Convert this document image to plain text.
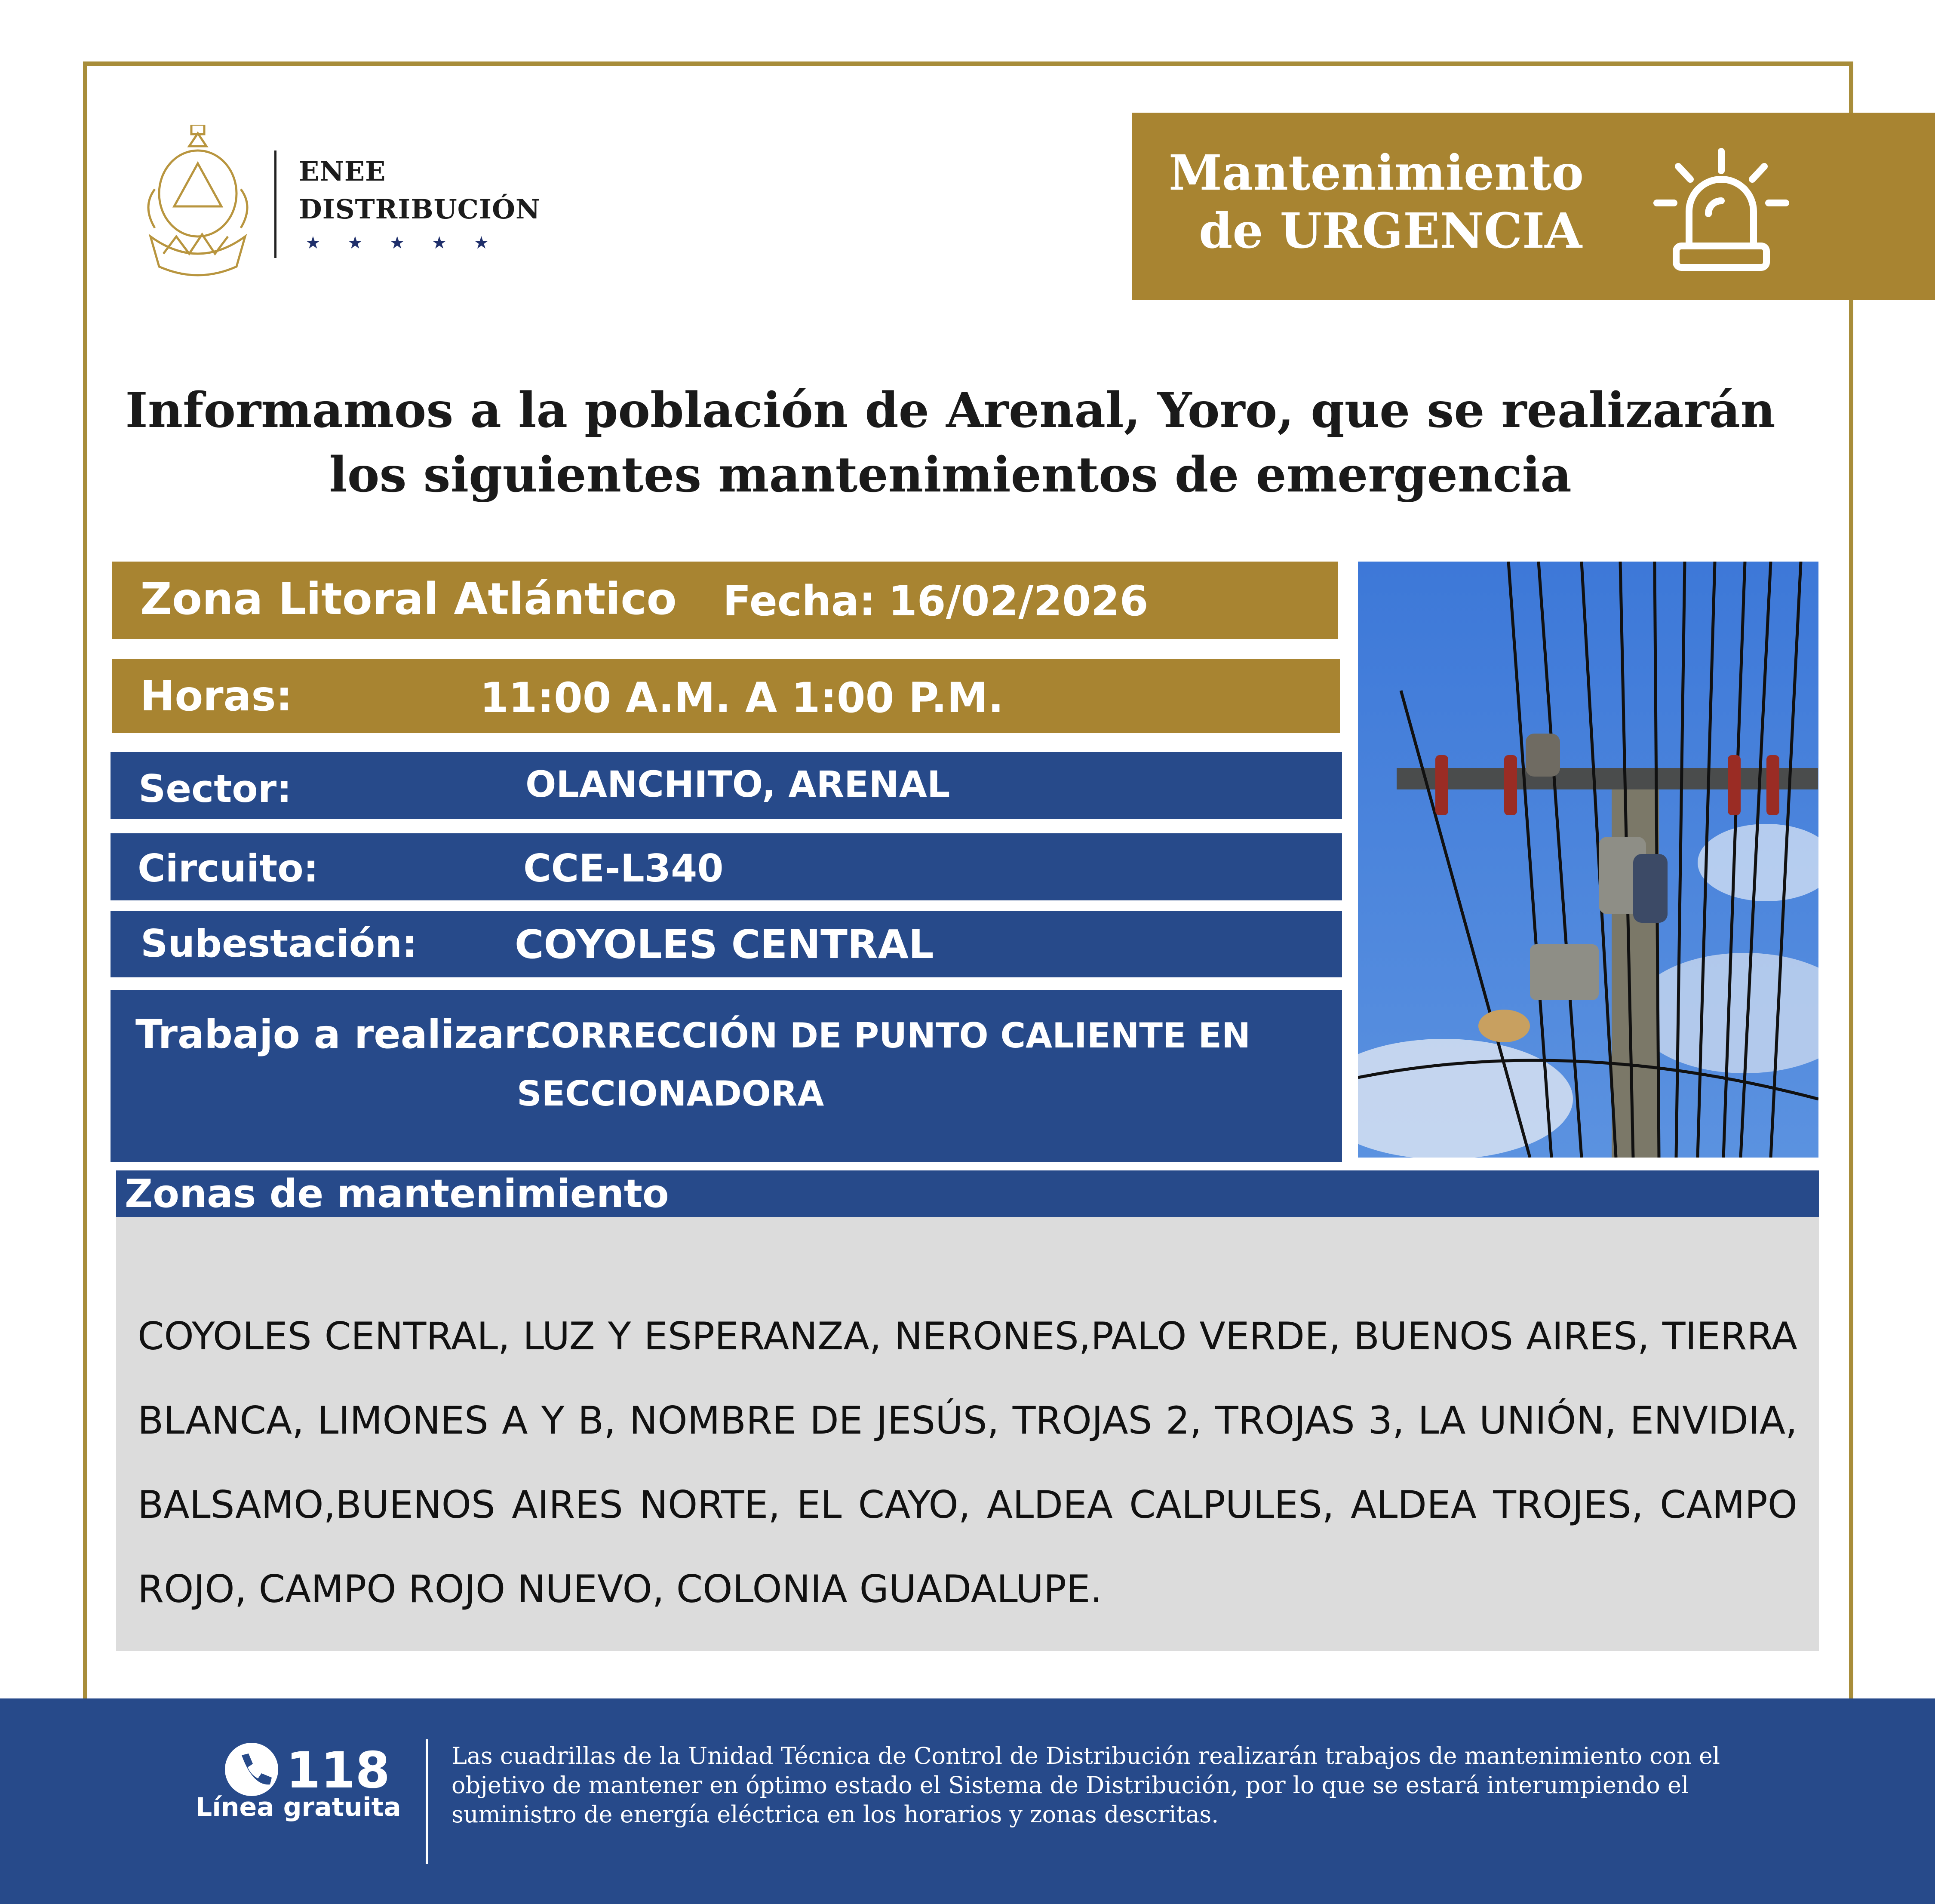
ENEE
DISTRIBUCIÓN
★★★★★
Mantenimiento
de URGENCIA
Informamos a la población de Arenal, Yoro, que se realizarán los siguientes mantenimientos de emergencia
Zona Litoral Atlántico Fecha: 16/02/2026
Horas:	11:00 A.M. A 1:00 P.M.
Sector:	OLANCHITO, ARENAL
Circuito:	CCE-L340
Subestación: COYOLES CENTRAL
Trabajo a realizar:
CORRECCIÓN DE PUNTO CALIENTE EN
SECCIONADORA
Zonas de mantenimiento
COYOLES CENTRAL, LUZ Y ESPERANZA, NERONES,PALO VERDE, BUENOS AIRES, TIERRA BLANCA, LIMONES A Y B, NOMBRE DE JESÚS, TROJAS 2, TROJAS 3, LA UNIÓN, ENVIDIA, BALSAMO,BUENOS AIRES NORTE, EL CAYO, ALDEA CALPULES, ALDEA TROJES, CAMPO ROJO, CAMPO ROJO NUEVO, COLONIA GUADALUPE.
118
Línea gratuita
Las cuadrillas de la Unidad Técnica de Control de Distribución realizarán trabajos de mantenimiento con el objetivo de mantener en óptimo estado el Sistema de Distribución, por lo que se estará interumpiendo el suministro de energía eléctrica en los horarios y zonas descritas.
